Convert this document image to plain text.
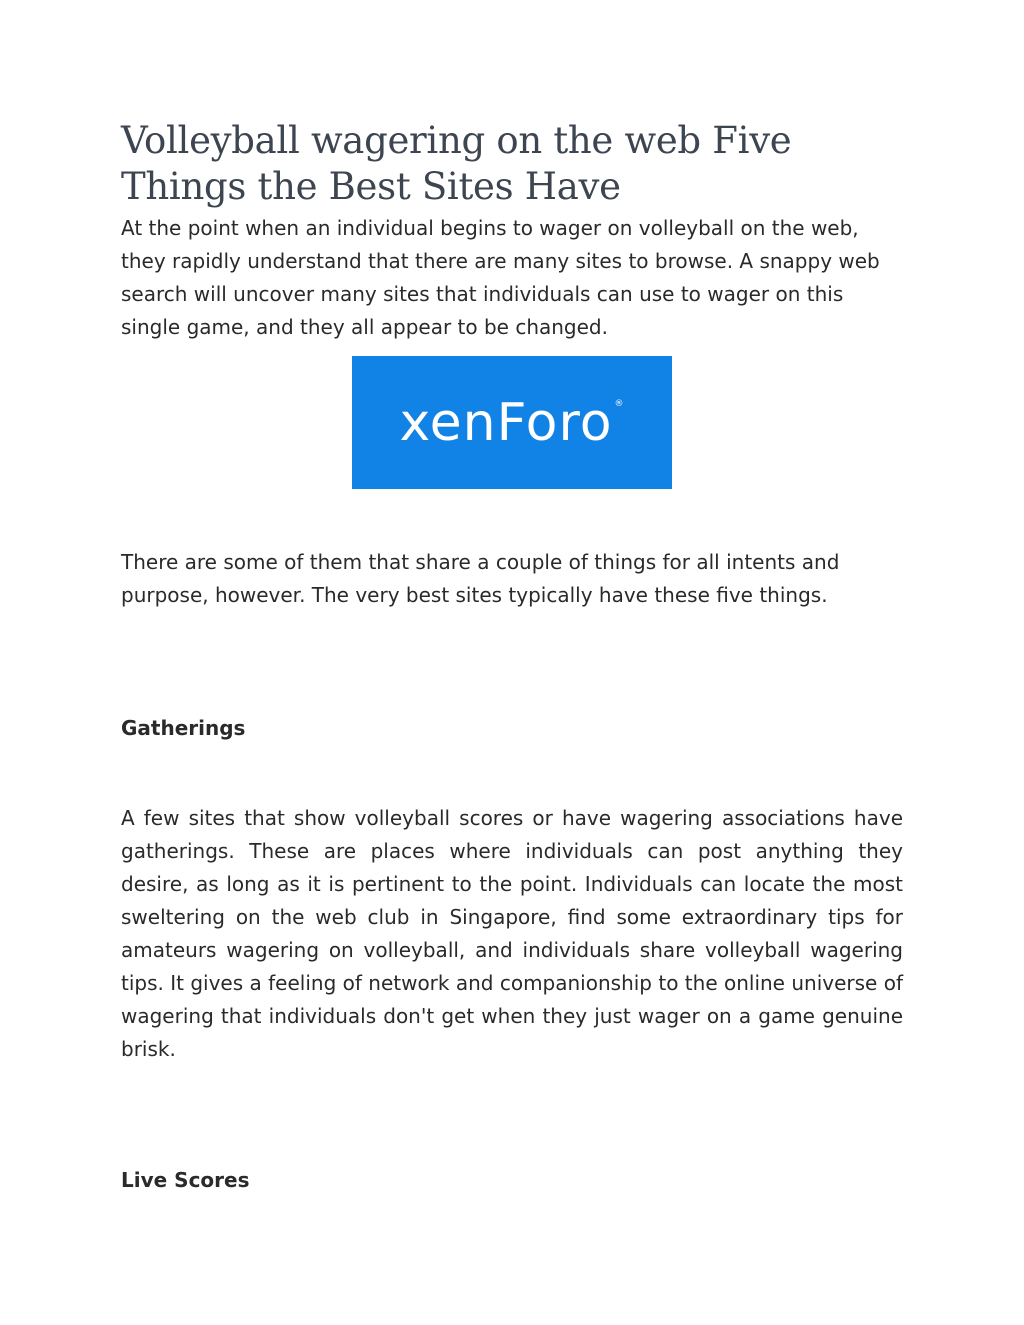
Volleyball wagering on the web Five Things the Best Sites Have

At the point when an individual begins to wager on volleyball on the web, they rapidly understand that there are many sites to browse. A snappy web search will uncover many sites that individuals can use to wager on this single game, and they all appear to be changed.

xenForo ®

There are some of them that share a couple of things for all intents and purpose, however. The very best sites typically have these five things.

Gatherings

A few sites that show volleyball scores or have wagering associations have gatherings. These are places where individuals can post anything they desire, as long as it is pertinent to the point. Individuals can locate the most sweltering on the web club in Singapore, find some extraordinary tips for amateurs wagering on volleyball, and individuals share volleyball wagering tips. It gives a feeling of network and companionship to the online universe of wagering that individuals don't get when they just wager on a game genuine brisk.

Live Scores
